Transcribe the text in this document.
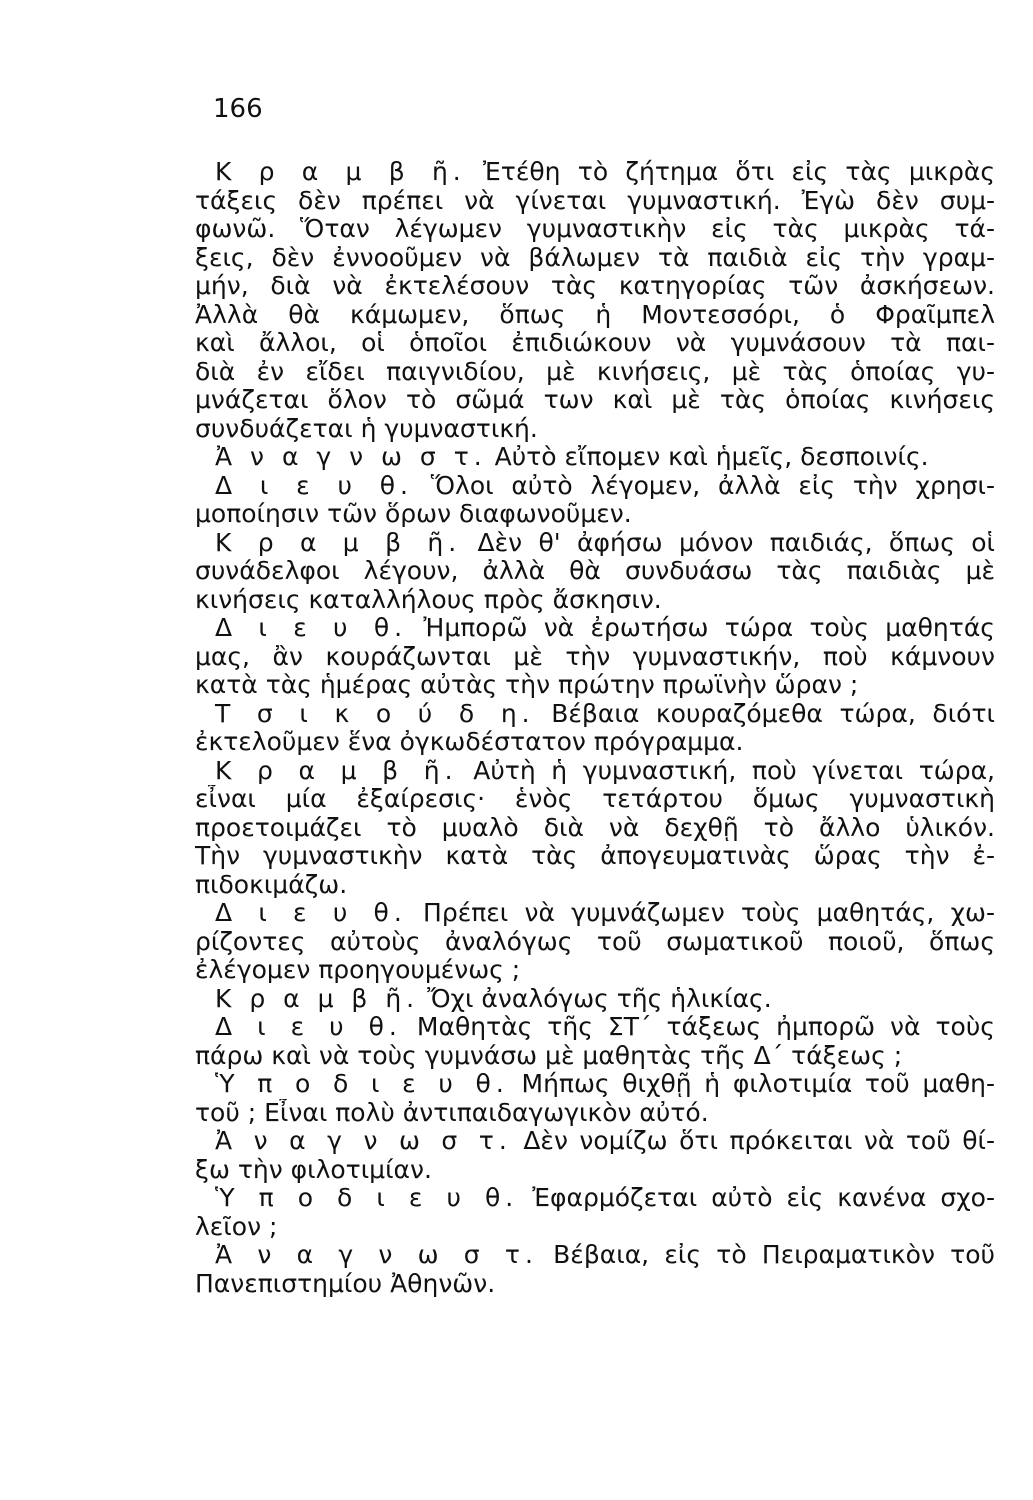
166
Κ ρ α μ β ῆ. Ἐτέθη τὸ ζήτημα ὅτι εἰς τὰς μικρὰς
τάξεις δὲν πρέπει νὰ γίνεται γυμναστική. Ἐγὼ δὲν συμ-
φωνῶ. Ὅταν λέγωμεν γυμναστικὴν εἰς τὰς μικρὰς τά-
ξεις, δὲν ἐννοοῦμεν νὰ βάλωμεν τὰ παιδιὰ εἰς τὴν γραμ-
μήν, διὰ νὰ ἐκτελέσουν τὰς κατηγορίας τῶν ἀσκήσεων.
Ἀλλὰ θὰ κάμωμεν, ὅπως ἡ Μοντεσσόρι, ὁ Φραῖμπελ
καὶ ἄλλοι, οἱ ὁποῖοι ἐπιδιώκουν νὰ γυμνάσουν τὰ παι-
διὰ ἐν εἴδει παιγνιδίου, μὲ κινήσεις, μὲ τὰς ὁποίας γυ-
μνάζεται ὅλον τὸ σῶμά των καὶ μὲ τὰς ὁποίας κινήσεις
συνδυάζεται ἡ γυμναστική.
Ἀ ν α γ ν ω σ τ. Αὐτὸ εἴπομεν καὶ ἡμεῖς, δεσποινίς.
Δ ι ε υ θ. Ὅλοι αὐτὸ λέγομεν, ἀλλὰ εἰς τὴν χρησι-
μοποίησιν τῶν ὅρων διαφωνοῦμεν.
Κ ρ α μ β ῆ. Δὲν θ' ἀφήσω μόνον παιδιάς, ὅπως οἱ
συνάδελφοι λέγουν, ἀλλὰ θὰ συνδυάσω τὰς παιδιὰς μὲ
κινήσεις καταλλήλους πρὸς ἄσκησιν.
Δ ι ε υ θ. Ἠμπορῶ νὰ ἐρωτήσω τώρα τοὺς μαθητάς
μας, ἂν κουράζωνται μὲ τὴν γυμναστικήν, ποὺ κάμνουν
κατὰ τὰς ἡμέρας αὐτὰς τὴν πρώτην πρωϊνὴν ὥραν ;
Τ σ ι κ ο ύ δ η. Βέβαια κουραζόμεθα τώρα, διότι
ἐκτελοῦμεν ἕνα ὀγκωδέστατον πρόγραμμα.
Κ ρ α μ β ῆ. Αὐτὴ ἡ γυμναστική, ποὺ γίνεται τώρα,
εἶναι μία ἐξαίρεσις· ἑνὸς τετάρτου ὅμως γυμναστικὴ
προετοιμάζει τὸ μυαλὸ διὰ νὰ δεχθῇ τὸ ἄλλο ὑλικόν.
Τὴν γυμναστικὴν κατὰ τὰς ἀπογευματινὰς ὥρας τὴν ἐ-
πιδοκιμάζω.
Δ ι ε υ θ. Πρέπει νὰ γυμνάζωμεν τοὺς μαθητάς, χω-
ρίζοντες αὐτοὺς ἀναλόγως τοῦ σωματικοῦ ποιοῦ, ὅπως
ἐλέγομεν προηγουμένως ;
Κ ρ α μ β ῆ. Ὄχι ἀναλόγως τῆς ἡλικίας.
Δ ι ε υ θ. Μαθητὰς τῆς ΣΤ΄ τάξεως ἠμπορῶ νὰ τοὺς
πάρω καὶ νὰ τοὺς γυμνάσω μὲ μαθητὰς τῆς Δ΄ τάξεως ;
Ὑ π ο δ ι ε υ θ. Μήπως θιχθῇ ἡ φιλοτιμία τοῦ μαθη-
τοῦ ; Εἶναι πολὺ ἀντιπαιδαγωγικὸν αὐτό.
Ἀ ν α γ ν ω σ τ. Δὲν νομίζω ὅτι πρόκειται νὰ τοῦ θί-
ξω τὴν φιλοτιμίαν.
Ὑ π ο δ ι ε υ θ. Ἐφαρμόζεται αὐτὸ εἰς κανένα σχο-
λεῖον ;
Ἀ ν α γ ν ω σ τ. Βέβαια, εἰς τὸ Πειραματικὸν τοῦ
Πανεπιστημίου Ἀθηνῶν.
